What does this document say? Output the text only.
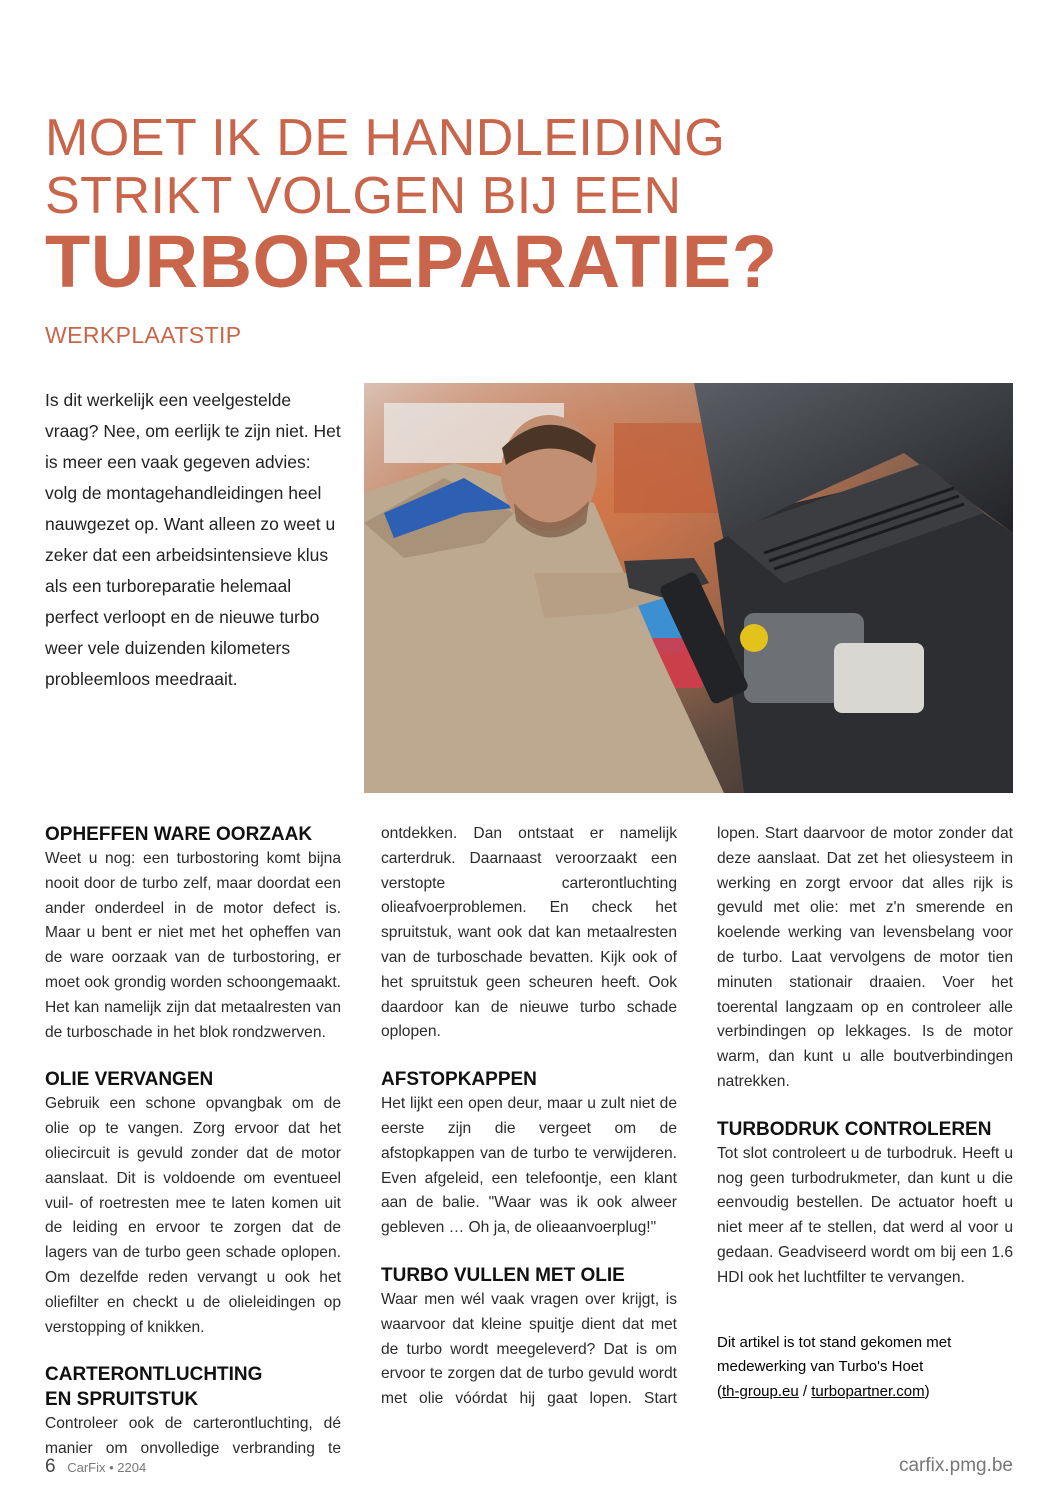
MOET IK DE HANDLEIDING
STRIKT VOLGEN BIJ EEN
TURBOREPARATIE?
WERKPLAATSTIP
Is dit werkelijk een veelgestelde vraag? Nee, om eerlijk te zijn niet. Het is meer een vaak gegeven advies: volg de montagehandleidingen heel nauwgezet op. Want alleen zo weet u zeker dat een arbeidsintensieve klus als een turboreparatie helemaal perfect verloopt en de nieuwe turbo weer vele duizenden kilometers probleemloos meedraait.
OPHEFFEN WARE OORZAAK

Weet u nog: een turbostoring komt bijna nooit door de turbo zelf, maar doordat een ander onderdeel in de motor defect is. Maar u bent er niet met het opheffen van de ware oorzaak van de turbostoring, er moet ook grondig worden schoongemaakt. Het kan namelijk zijn dat metaalresten van de turboschade in het blok rondzwerven.

OLIE VERVANGEN

Gebruik een schone opvangbak om de olie op te vangen. Zorg ervoor dat het oliecircuit is gevuld zonder dat de motor aanslaat. Dit is voldoende om eventueel vuil- of roetresten mee te laten komen uit de leiding en ervoor te zorgen dat de lagers van de turbo geen schade oplopen. Om dezelfde reden vervangt u ook het oliefilter en checkt u de olieleidingen op verstopping of knikken.

CARTERONTLUCHTING
EN SPRUITSTUK

Controleer ook de carterontluchting, dé manier om onvolledige verbranding te

ontdekken. Dan ontstaat er namelijk carterdruk. Daarnaast veroorzaakt een verstopte carterontluchting olieafvoerproblemen. En check het spruitstuk, want ook dat kan metaalresten van de turboschade bevatten. Kijk ook of het spruitstuk geen scheuren heeft. Ook daardoor kan de nieuwe turbo schade oplopen.

AFSTOPKAPPEN

Het lijkt een open deur, maar u zult niet de eerste zijn die vergeet om de afstopkappen van de turbo te verwijderen. Even afgeleid, een telefoontje, een klant aan de balie. "Waar was ik ook alweer gebleven … Oh ja, de olieaanvoerplug!"

TURBO VULLEN MET OLIE

Waar men wél vaak vragen over krijgt, is waarvoor dat kleine spuitje dient dat met de turbo wordt meegeleverd? Dat is om ervoor te zorgen dat de turbo gevuld wordt met olie vóórdat hij gaat lopen. Start

lopen. Start daarvoor de motor zonder dat deze aanslaat. Dat zet het oliesysteem in werking en zorgt ervoor dat alles rijk is gevuld met olie: met z'n smerende en koelende werking van levensbelang voor de turbo. Laat vervolgens de motor tien minuten stationair draaien. Voer het toerental langzaam op en controleer alle verbindingen op lekkages. Is de motor warm, dan kunt u alle boutverbindingen natrekken.

TURBODRUK CONTROLEREN

Tot slot controleert u de turbodruk. Heeft u nog geen turbodrukmeter, dan kunt u die eenvoudig bestellen. De actuator hoeft u niet meer af te stellen, dat werd al voor u gedaan. Geadviseerd wordt om bij een 1.6 HDI ook het luchtfilter te vervangen.

Dit artikel is tot stand gekomen met
medewerking van Turbo's Hoet
(th-group.eu / turbopartner.com)
6 CarFix • 2204	carfix.pmg.be
